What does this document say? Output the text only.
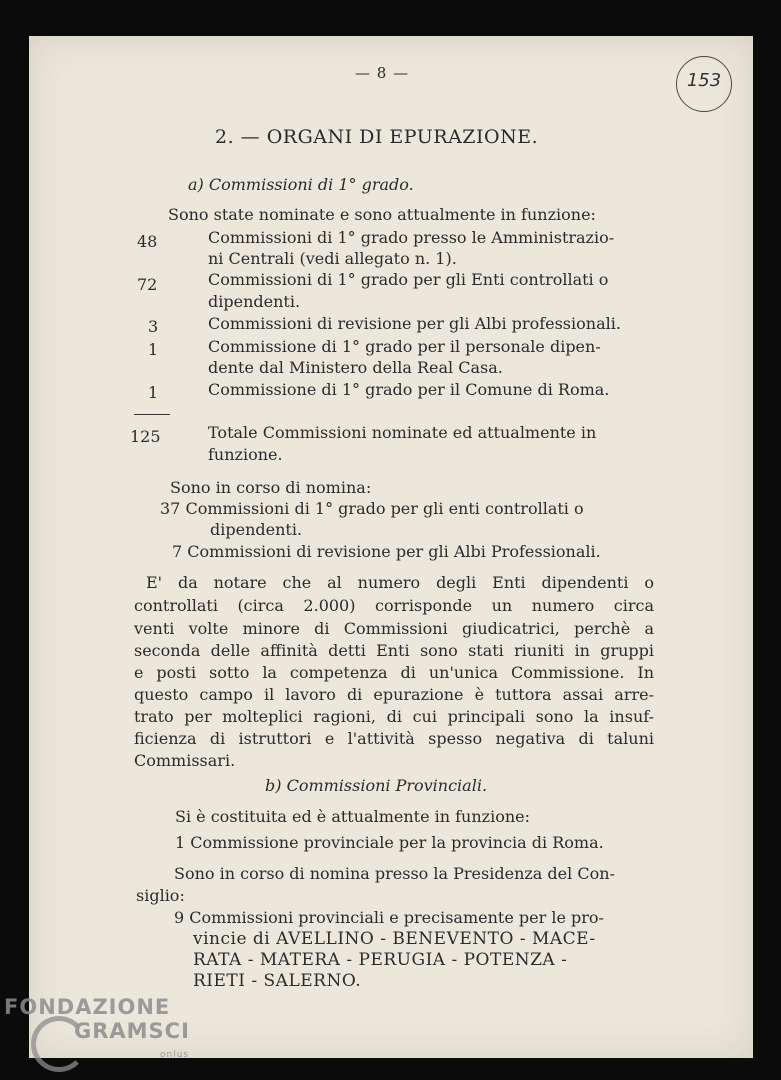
— 8 —	153
2. — ORGANI DI EPURAZIONE.
a) Commissioni di 1° grado.
Sono state nominate e sono attualmente in funzione:
48	Commissioni di 1° grado presso le Amministrazio-
ni Centrali (vedi allegato n. 1).
72	Commissioni di 1° grado per gli Enti controllati o
dipendenti.
3	Commissioni di revisione per gli Albi professionali.
1	Commissione di 1° grado per il personale dipen-
dente dal Ministero della Real Casa.
1	Commissione di 1° grado per il Comune di Roma.
125	Totale Commissioni nominate ed attualmente in
funzione.
Sono in corso di nomina:
37 Commissioni di 1° grado per gli enti controllati o
dipendenti.
7 Commissioni di revisione per gli Albi Professionali.
E' da notare che al numero degli Enti dipendenti o
controllati (circa 2.000) corrisponde un numero circa
venti volte minore di Commissioni giudicatrici, perchè a
seconda delle affinità detti Enti sono stati riuniti in gruppi
e posti sotto la competenza di un'unica Commissione. In
questo campo il lavoro di epurazione è tuttora assai arre-
trato per molteplici ragioni, di cui principali sono la insuf-
ficienza di istruttori e l'attività spesso negativa di taluni
Commissari.
b) Commissioni Provinciali.
Si è costituita ed è attualmente in funzione:
1 Commissione provinciale per la provincia di Roma.
Sono in corso di nomina presso la Presidenza del Con-
siglio:
9 Commissioni provinciali e precisamente per le pro-
vincie di AVELLINO - BENEVENTO - MACE-
RATA - MATERA - PERUGIA - POTENZA -
RIETI - SALERNO.
FONDAZIONE
GRAMSCI
onlus
